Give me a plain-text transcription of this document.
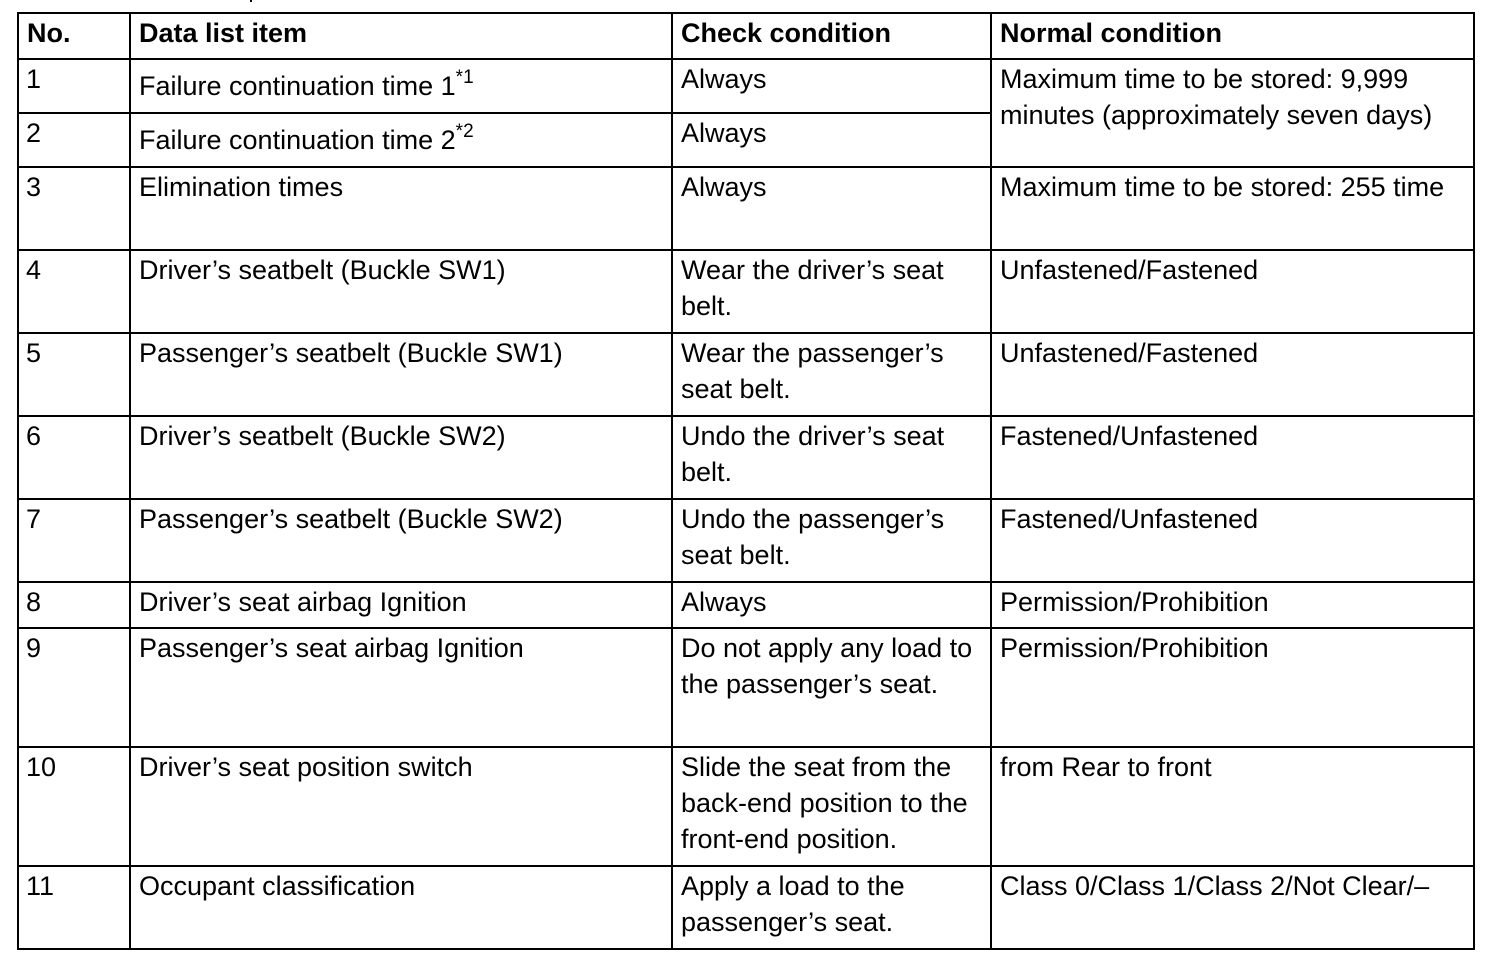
No.	Data list item	Check condition	Normal condition
1	Failure continuation time 1$^{*1}$	Always	Maximum time to be stored: 9,999 minutes (approximately seven days)
2	Failure continuation time 2$^{*2}$	Always	
3	Elimination times	Always	Maximum time to be stored: 255 time
4	Driver’s seatbelt (Buckle SW1)	Wear the driver’s seat belt.	Unfastened/Fastened
5	Passenger’s seatbelt (Buckle SW1)	Wear the passenger’s seat belt.	Unfastened/Fastened
6	Driver’s seatbelt (Buckle SW2)	Undo the driver’s seat belt.	Fastened/Unfastened
7	Passenger’s seatbelt (Buckle SW2)	Undo the passenger’s seat belt.	Fastened/Unfastened
8	Driver’s seat airbag Ignition	Always	Permission/Prohibition
9	Passenger’s seat airbag Ignition	Do not apply any load to the passenger’s seat.	Permission/Prohibition
10	Driver’s seat position switch	Slide the seat from the back-end position to the front-end position.	from Rear to front
11	Occupant classification	Apply a load to the passenger’s seat.	Class 0/Class 1/Class 2/Not Clear/–
